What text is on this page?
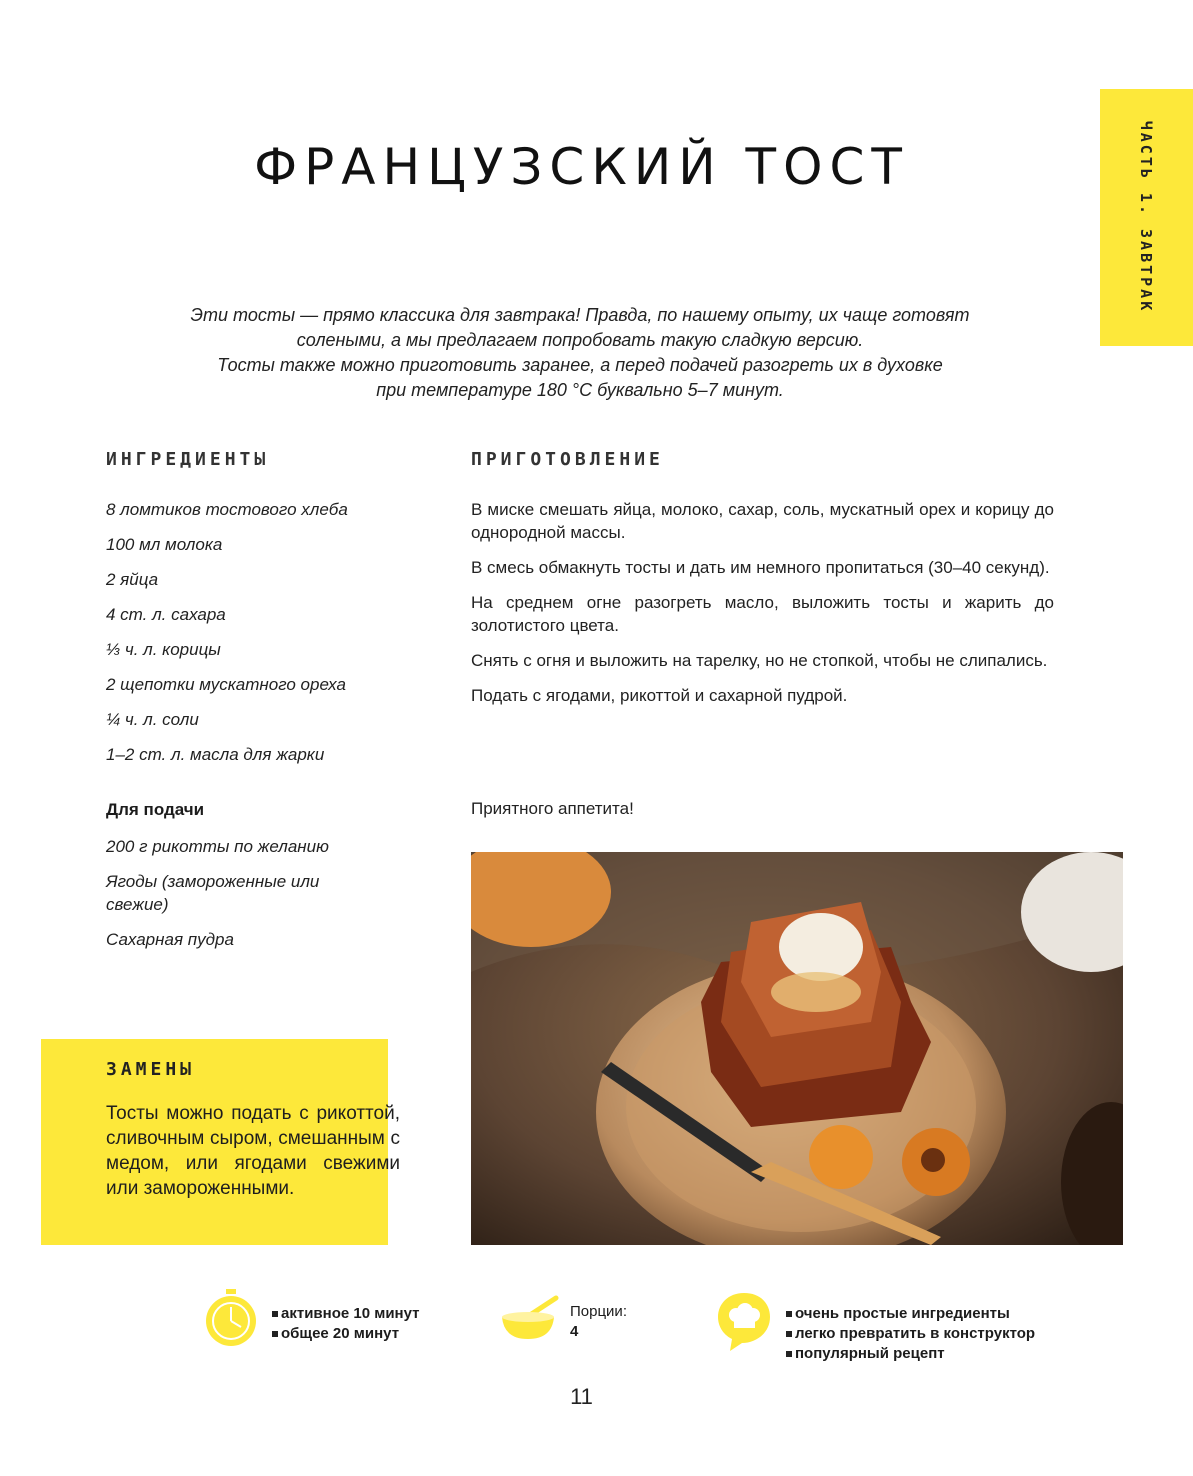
ЧАСТЬ 1. ЗАВТРАК
ФРАНЦУЗСКИЙ ТОСТ

Эти тосты — прямо классика для завтрака! Правда, по нашему опыту, их чаще готовят

солеными, а мы предлагаем попробовать такую сладкую версию.

Тосты также можно приготовить заранее, а перед подачей разогреть их в духовке

при температуре 180 °С буквально 5–7 минут.

ИНГРЕДИЕНТЫ
8 ломтиков тостового хлеба
100 мл молока
2 яйца
4 ст. л. сахара
⅓ ч. л. корицы
2 щепотки мускатного ореха
¼ ч. л. соли
1–2 ст. л. масла для жарки
Для подачи
200 г рикотты по желанию
Ягоды (замороженные или свежие)
Сахарная пудра
ПРИГОТОВЛЕНИЕ

В миске смешать яйца, молоко, сахар, соль, мускатный орех и корицу до однородной массы.

В смесь обмакнуть тосты и дать им немного пропитаться (30–40 секунд).

На среднем огне разогреть масло, выложить тосты и жарить до золотистого цвета.

Снять с огня и выложить на тарелку, но не стопкой, чтобы не слипались.

Подать с ягодами, рикоттой и сахарной пудрой.

Приятного аппетита!
ЗАМЕНЫ
Тосты можно подать с рикоттой, сливочным сыром, смешанным с медом, или ягодами свежими или замороженными.
активное 10 минут
общее 20 минут
Порции:
4
очень простые ингредиенты
легко превратить в конструктор
популярный рецепт
11
